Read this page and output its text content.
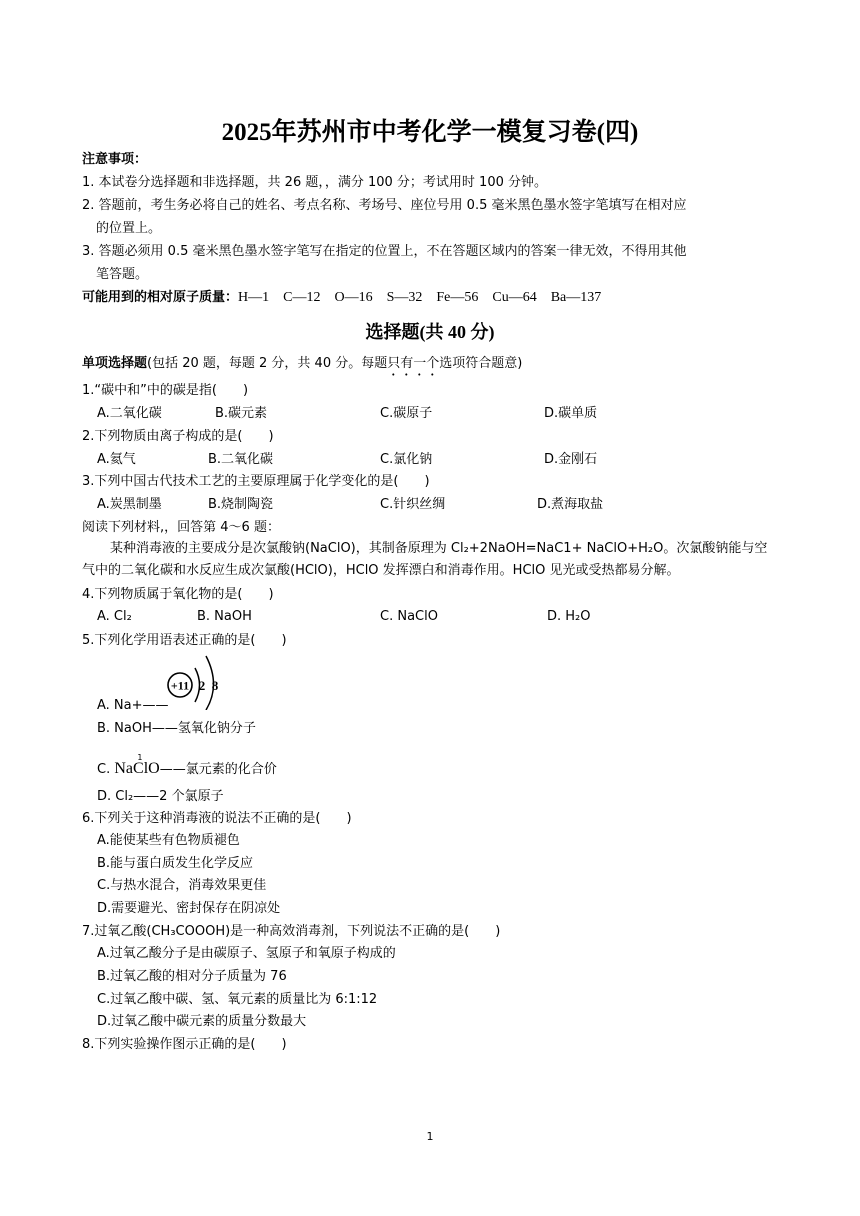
2025年苏州市中考化学一模复习卷(四)
注意事项：
1. 本试卷分选择题和非选择题，共 26 题，，满分 100 分；考试用时 100 分钟。
2. 答题前，考生务必将自己的姓名、考点名称、考场号、座位号用 0.5 毫米黑色墨水签字笔填写在相对应
的位置上。
3. 答题必须用 0.5 毫米黑色墨水签字笔写在指定的位置上，不在答题区域内的答案一律无效，不得用其他
笔答题。
可能用到的相对原子质量：H—1　C—12　O—16　S—32　Fe—56　Cu—64　Ba—137
选择题(共 40 分)
单项选择题(包括 20 题，每题 2 分，共 40 分。每题只有一个选项符合题意)
1.“碳中和”中的碳是指(　　)
A.二氧化碳	B.碳元素	C.碳原子	D.碳单质
2.下列物质由离子构成的是(　　)
A.氦气	B.二氧化碳	C.氯化钠	D.金刚石
3.下列中国古代技术工艺的主要原理属于化学变化的是(　　)
A.炭黑制墨	B.烧制陶瓷	C.针织丝绸	D.煮海取盐
阅读下列材料,，回答第 4～6 题：
某种消毒液的主要成分是次氯酸钠(NaClO)，其制备原理为 Cl₂+2NaOH=NaC1+ NaClO+H₂O。次氯酸钠能与空气中的二氧化碳和水反应生成次氯酸(HClO)，HClO 发挥漂白和消毒作用。HClO 见光或受热都易分解。
4.下列物质属于氧化物的是(　　)
A. Cl₂	B. NaOH	C. NaClO	D. H₂O
5.下列化学用语表述正确的是(　　)
A. Na+——
+11 2 8
B. NaOH——氢氧化钠分子
C.
1
NaClO——氯元素的化合价
D. Cl₂——2 个氯原子
6.下列关于这种消毒液的说法不正确的是(　　)
A.能使某些有色物质褪色
B.能与蛋白质发生化学反应
C.与热水混合，消毒效果更佳
D.需要避光、密封保存在阴凉处
7.过氧乙酸(CH₃COOOH)是一种高效消毒剂，下列说法不正确的是(　　)
A.过氧乙酸分子是由碳原子、氢原子和氧原子构成的
B.过氧乙酸的相对分子质量为 76
C.过氧乙酸中碳、氢、氧元素的质量比为 6:1:12
D.过氧乙酸中碳元素的质量分数最大
8.下列实验操作图示正确的是(　　)
1
